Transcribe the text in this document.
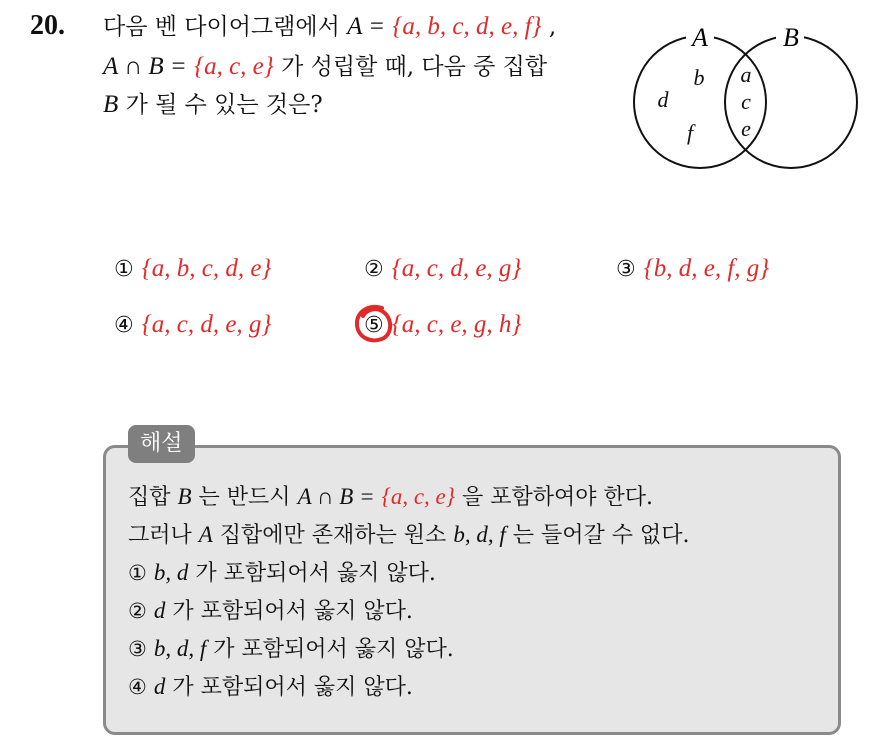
20. 다음 벤 다이어그램에서 A = {a, b, c, d, e, f} ,
A ∩ B = {a, c, e} 가 성립할 때, 다음 중 집합
B 가 될 수 있는 것은?
A	B
b
d
f
a
c
e
① {a, b, c, d, e}	② {a, c, d, e, g}	③ {b, d, e, f, g}
④ {a, c, d, e, g}	⑤ {a, c, e, g, h}
해설
집합 B 는 반드시 A ∩ B = {a, c, e} 을 포함하여야 한다.
그러나 A 집합에만 존재하는 원소 b, d, f 는 들어갈 수 없다.
① b, d 가 포함되어서 옳지 않다.
② d 가 포함되어서 옳지 않다.
③ b, d, f 가 포함되어서 옳지 않다.
④ d 가 포함되어서 옳지 않다.
